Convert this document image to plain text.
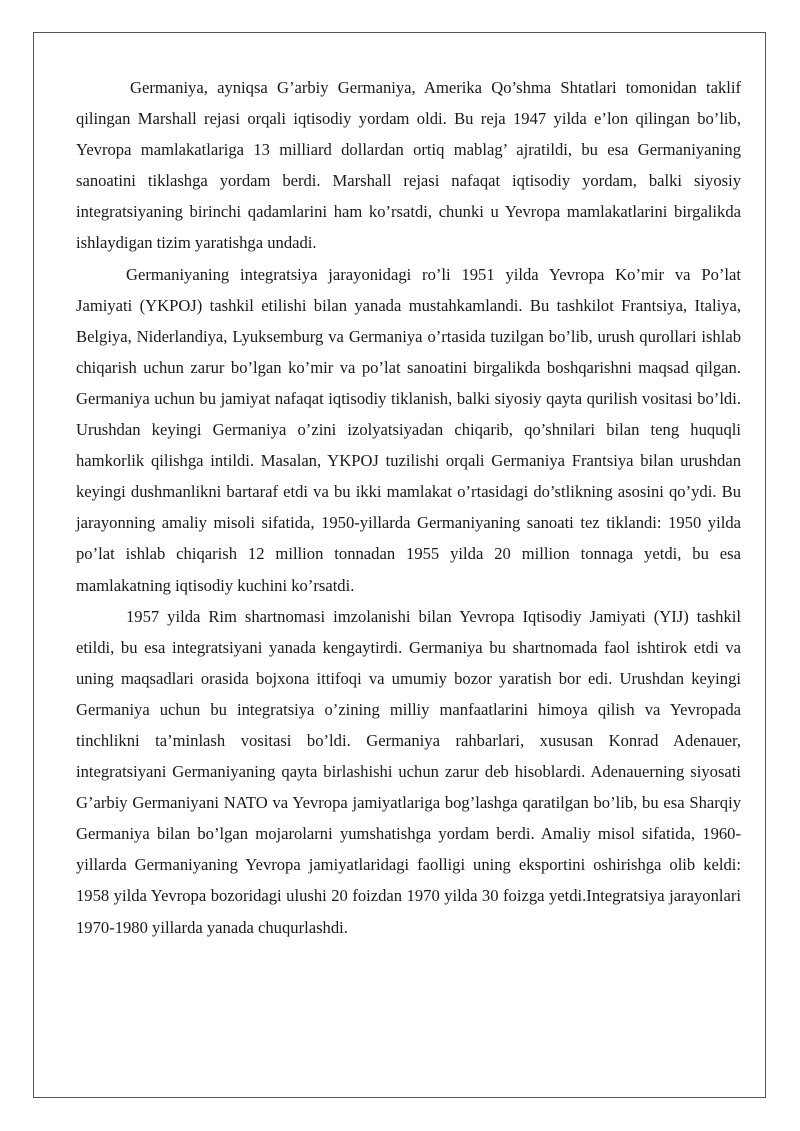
Germaniya, ayniqsa G’arbiy Germaniya, Amerika Qo’shma Shtatlari tomonidan taklif qilingan Marshall rejasi orqali iqtisodiy yordam oldi. Bu reja 1947 yilda e’lon qilingan bo’lib, Yevropa mamlakatlariga 13 milliard dollardan ortiq mablag’ ajratildi, bu esa Germaniyaning sanoatini tiklashga yordam berdi. Marshall rejasi nafaqat iqtisodiy yordam, balki siyosiy integratsiyaning birinchi qadamlarini ham ko’rsatdi, chunki u Yevropa mamlakatlarini birgalikda ishlaydigan tizim yaratishga undadi.

Germaniyaning integratsiya jarayonidagi ro’li 1951 yilda Yevropa Ko’mir va Po’lat Jamiyati (YKPOJ) tashkil etilishi bilan yanada mustahkamlandi. Bu tashkilot Frantsiya, Italiya, Belgiya, Niderlandiya, Lyuksemburg va Germaniya o’rtasida tuzilgan bo’lib, urush qurollari ishlab chiqarish uchun zarur bo’lgan ko’mir va po’lat sanoatini birgalikda boshqarishni maqsad qilgan. Germaniya uchun bu jamiyat nafaqat iqtisodiy tiklanish, balki siyosiy qayta qurilish vositasi bo’ldi. Urushdan keyingi Germaniya o’zini izolyatsiyadan chiqarib, qo’shnilari bilan teng huquqli hamkorlik qilishga intildi. Masalan, YKPOJ tuzilishi orqali Germaniya Frantsiya bilan urushdan keyingi dushmanlikni bartaraf etdi va bu ikki mamlakat o’rtasidagi do’stlikning asosini qo’ydi. Bu jarayonning amaliy misoli sifatida, 1950-yillarda Germaniyaning sanoati tez tiklandi: 1950 yilda po’lat ishlab chiqarish 12 million tonnadan 1955 yilda 20 million tonnaga yetdi, bu esa mamlakatning iqtisodiy kuchini ko’rsatdi.

1957 yilda Rim shartnomasi imzolanishi bilan Yevropa Iqtisodiy Jamiyati (YIJ) tashkil etildi, bu esa integratsiyani yanada kengaytirdi. Germaniya bu shartnomada faol ishtirok etdi va uning maqsadlari orasida bojxona ittifoqi va umumiy bozor yaratish bor edi. Urushdan keyingi Germaniya uchun bu integratsiya o’zining milliy manfaatlarini himoya qilish va Yevropada tinchlikni ta’minlash vositasi bo’ldi. Germaniya rahbarlari, xususan Konrad Adenauer, integratsiyani Germaniyaning qayta birlashishi uchun zarur deb hisoblardi. Adenauerning siyosati G’arbiy Germaniyani NATO va Yevropa jamiyatlariga bog’lashga qaratilgan bo’lib, bu esa Sharqiy Germaniya bilan bo’lgan mojarolarni yumshatishga yordam berdi. Amaliy misol sifatida, 1960-yillarda Germaniyaning Yevropa jamiyatlaridagi faolligi uning eksportini oshirishga olib keldi: 1958 yilda Yevropa bozoridagi ulushi 20 foizdan 1970 yilda 30 foizga yetdi.Integratsiya jarayonlari 1970-1980 yillarda yanada chuqurlashdi.
